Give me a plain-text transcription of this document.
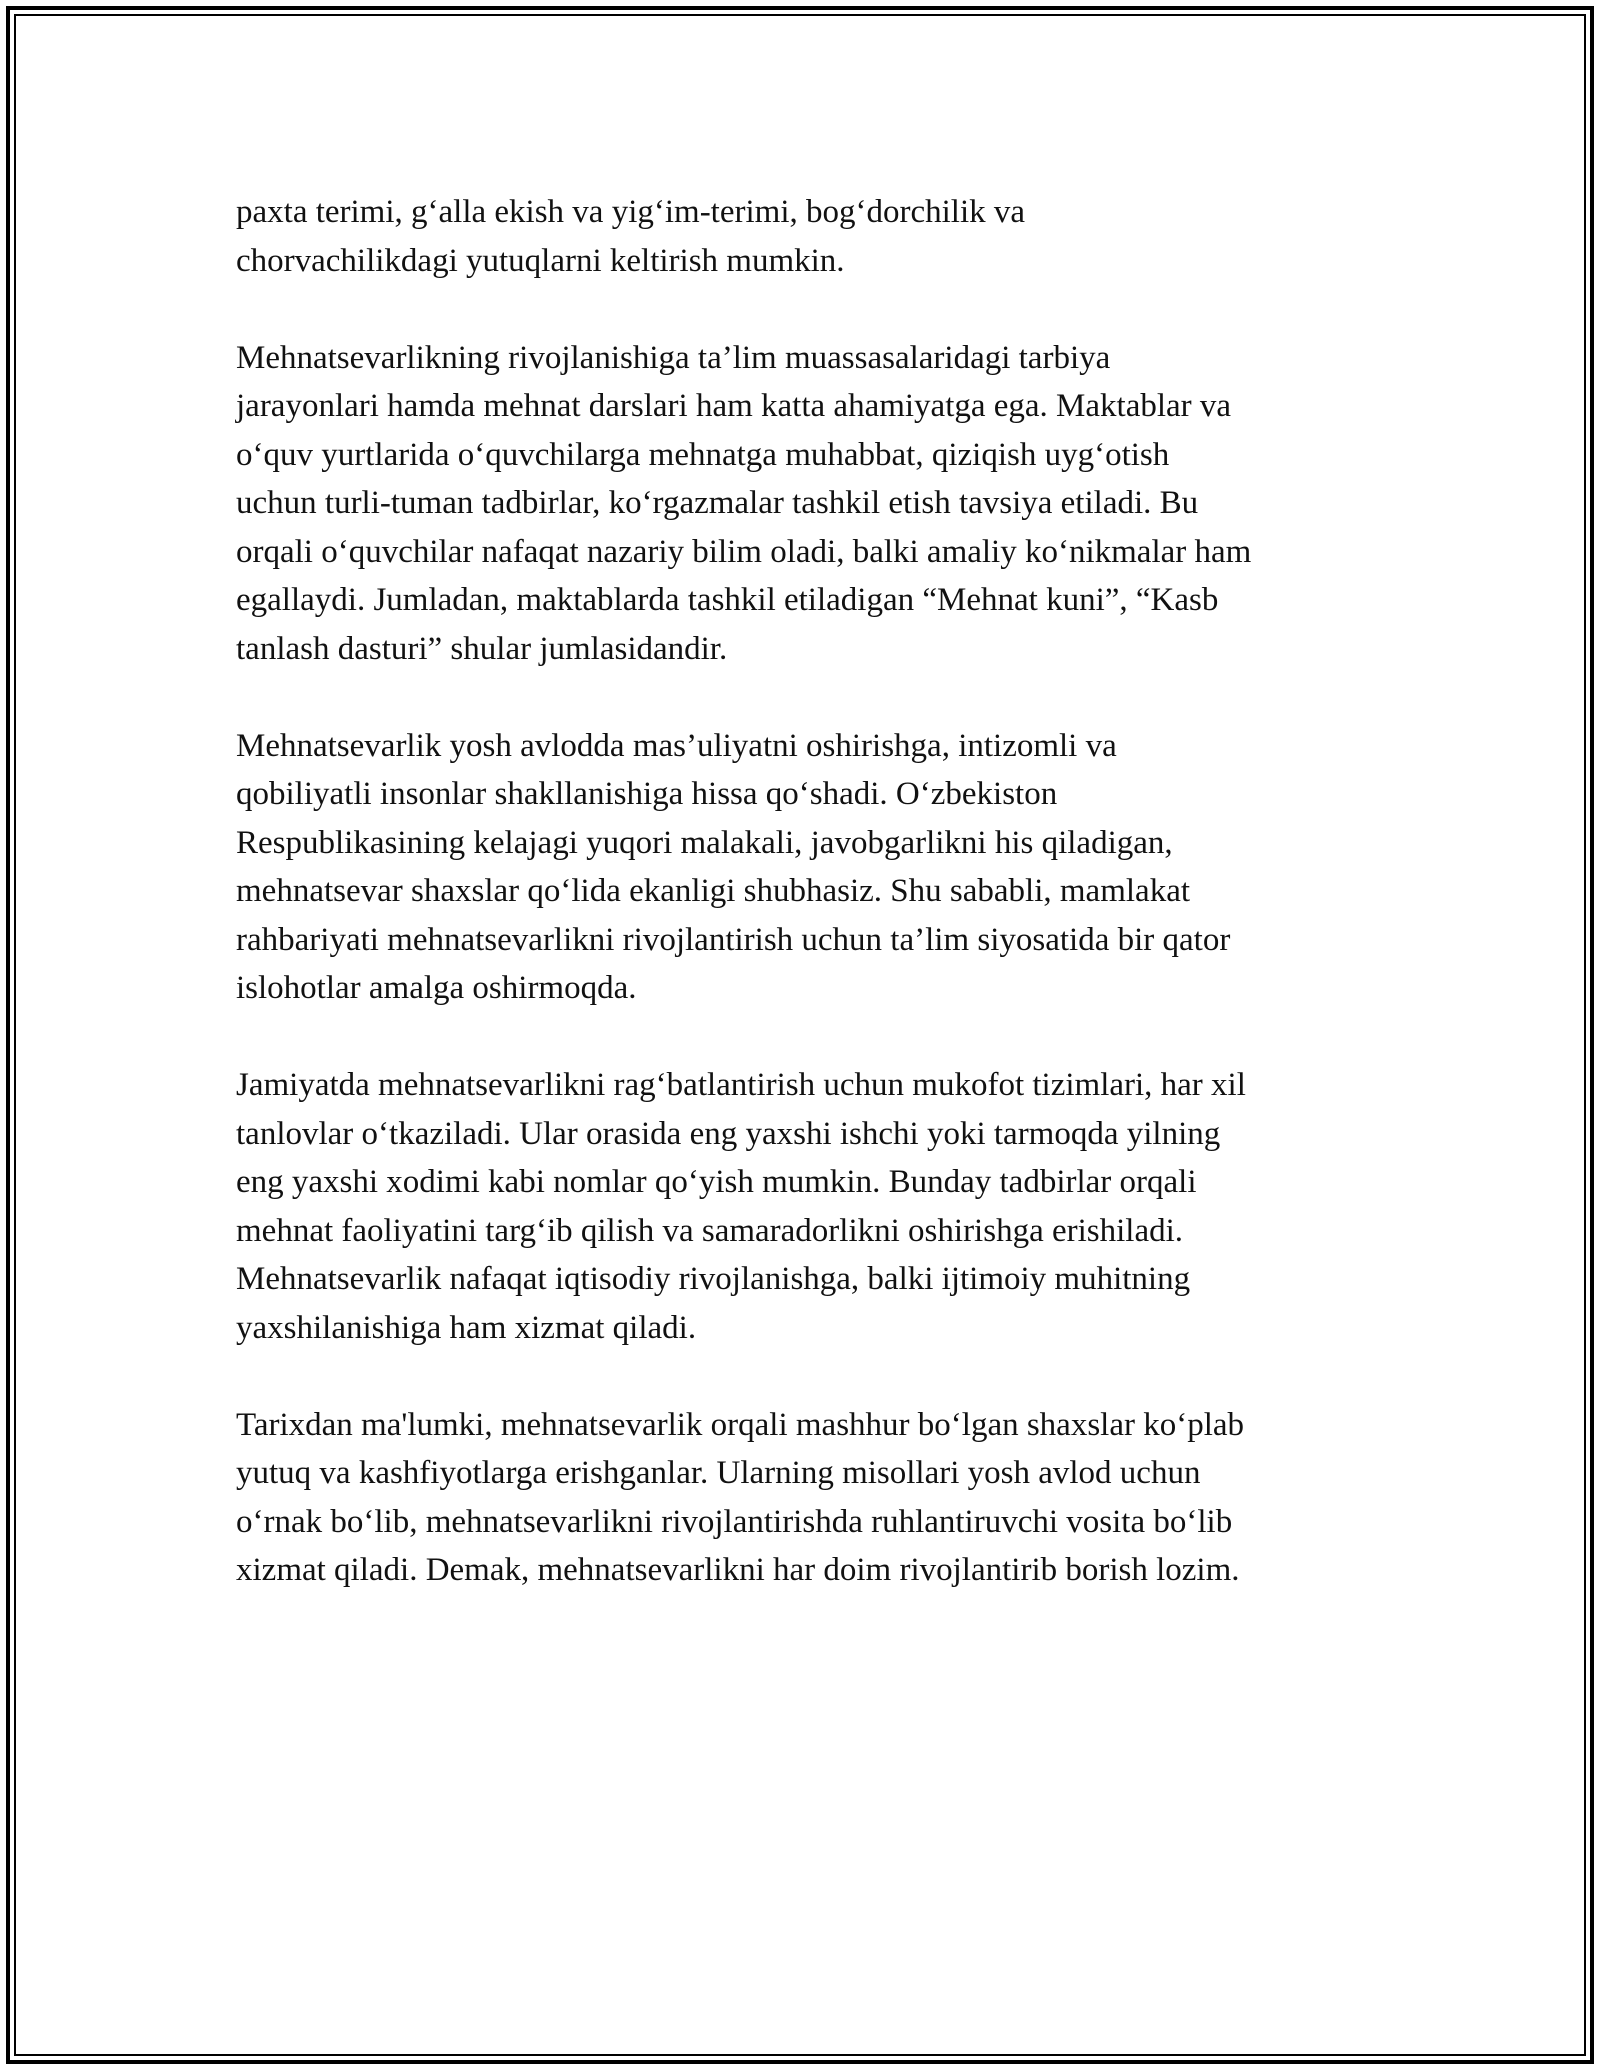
paxta terimi, g‘alla ekish va yig‘im-terimi, bog‘dorchilik va
chorvachilikdagi yutuqlarni keltirish mumkin.

Mehnatsevarlikning rivojlanishiga ta’lim muassasalaridagi tarbiya
jarayonlari hamda mehnat darslari ham katta ahamiyatga ega. Maktablar va
o‘quv yurtlarida o‘quvchilarga mehnatga muhabbat, qiziqish uyg‘otish
uchun turli-tuman tadbirlar, ko‘rgazmalar tashkil etish tavsiya etiladi. Bu
orqali o‘quvchilar nafaqat nazariy bilim oladi, balki amaliy ko‘nikmalar ham
egallaydi. Jumladan, maktablarda tashkil etiladigan “Mehnat kuni”, “Kasb
tanlash dasturi” shular jumlasidandir.

Mehnatsevarlik yosh avlodda mas’uliyatni oshirishga, intizomli va
qobiliyatli insonlar shakllanishiga hissa qo‘shadi. O‘zbekiston
Respublikasining kelajagi yuqori malakali, javobgarlikni his qiladigan,
mehnatsevar shaxslar qo‘lida ekanligi shubhasiz. Shu sababli, mamlakat
rahbariyati mehnatsevarlikni rivojlantirish uchun ta’lim siyosatida bir qator
islohotlar amalga oshirmoqda.

Jamiyatda mehnatsevarlikni rag‘batlantirish uchun mukofot tizimlari, har xil
tanlovlar o‘tkaziladi. Ular orasida eng yaxshi ishchi yoki tarmoqda yilning
eng yaxshi xodimi kabi nomlar qo‘yish mumkin. Bunday tadbirlar orqali
mehnat faoliyatini targ‘ib qilish va samaradorlikni oshirishga erishiladi.
Mehnatsevarlik nafaqat iqtisodiy rivojlanishga, balki ijtimoiy muhitning
yaxshilanishiga ham xizmat qiladi.

Tarixdan ma'lumki, mehnatsevarlik orqali mashhur bo‘lgan shaxslar ko‘plab
yutuq va kashfiyotlarga erishganlar. Ularning misollari yosh avlod uchun
o‘rnak bo‘lib, mehnatsevarlikni rivojlantirishda ruhlantiruvchi vosita bo‘lib
xizmat qiladi. Demak, mehnatsevarlikni har doim rivojlantirib borish lozim.
